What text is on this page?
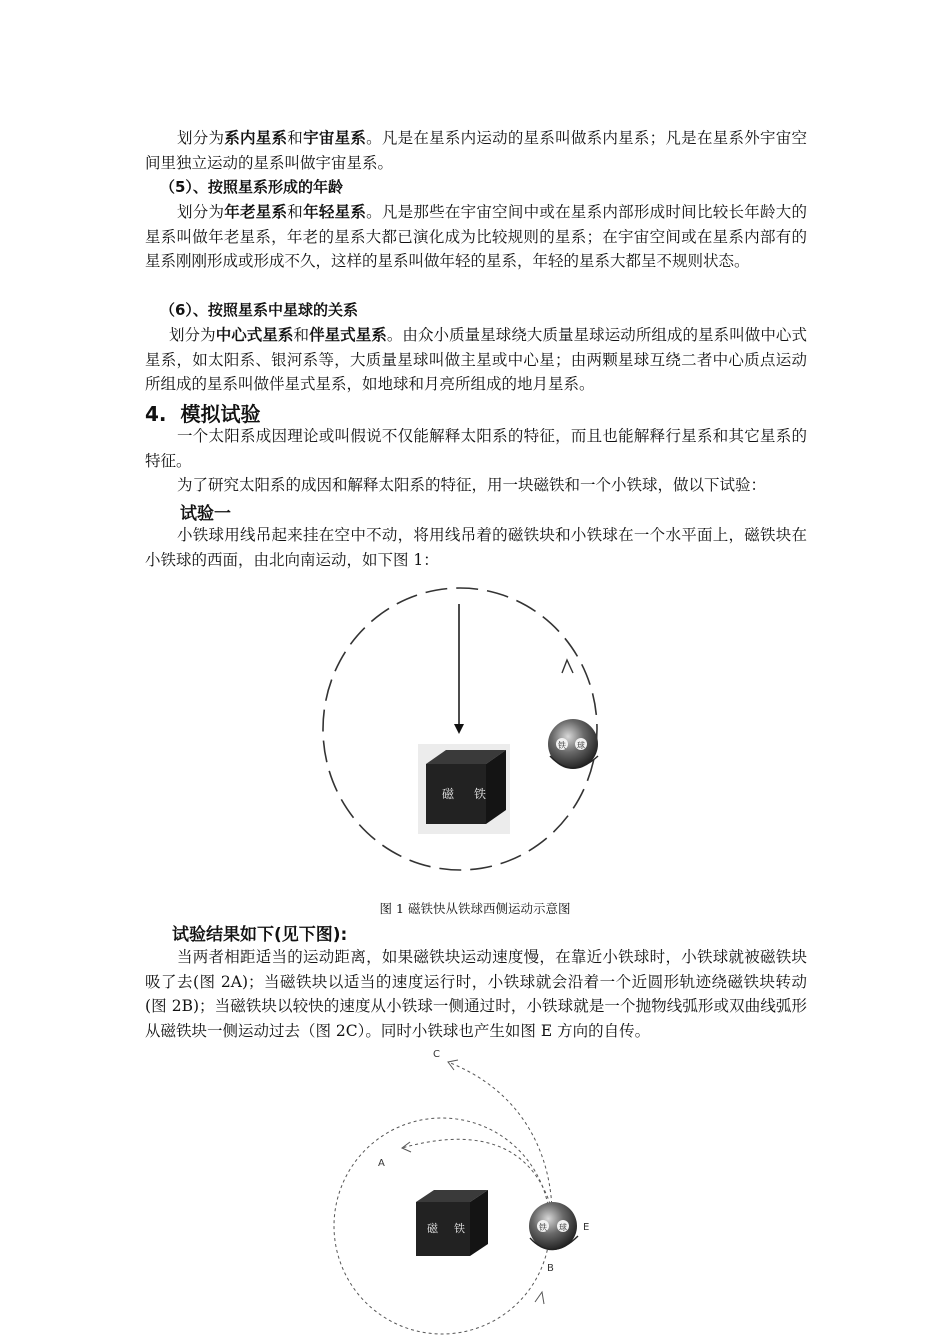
划分为系内星系和宇宙星系。凡是在星系内运动的星系叫做系内星系；凡是在星系外宇宙空间里独立运动的星系叫做宇宙星系。

（5）、按照星系形成的年龄

划分为年老星系和年轻星系。凡是那些在宇宙空间中或在星系内部形成时间比较长年龄大的星系叫做年老星系，年老的星系大都已演化成为比较规则的星系；在宇宙空间或在星系内部有的星系刚刚形成或形成不久，这样的星系叫做年轻的星系，年轻的星系大都呈不规则状态。

（6）、按照星系中星球的关系

划分为中心式星系和伴星式星系。由众小质量星球绕大质量星球运动所组成的星系叫做中心式星系，如太阳系、银河系等，大质量星球叫做主星或中心星；由两颗星球互绕二者中心质点运动所组成的星系叫做伴星式星系，如地球和月亮所组成的地月星系。

4. 模拟试验

一个太阳系成因理论或叫假说不仅能解释太阳系的特征，而且也能解释行星系和其它星系的特征。

为了研究太阳系的成因和解释太阳系的特征，用一块磁铁和一个小铁球，做以下试验：

试验一

小铁球用线吊起来挂在空中不动，将用线吊着的磁铁块和小铁球在一个水平面上，磁铁块在小铁球的西面，由北向南运动，如下图 1：

磁 铁
铁 球
图 1 磁铁快从铁球西侧运动示意图
试验结果如下(见下图):

当两者相距适当的运动距离，如果磁铁块运动速度慢，在靠近小铁球时，小铁球就被磁铁块吸了去(图 2A)；当磁铁块以适当的速度运行时，小铁球就会沿着一个近圆形轨迹绕磁铁块转动(图 2B)；当磁铁块以较快的速度从小铁球一侧通过时，小铁球就是一个抛物线弧形或双曲线弧形从磁铁块一侧运动过去（图 2C）。同时小铁球也产生如图 E 方向的自传。

C
A
B
E
磁 铁	铁 球
